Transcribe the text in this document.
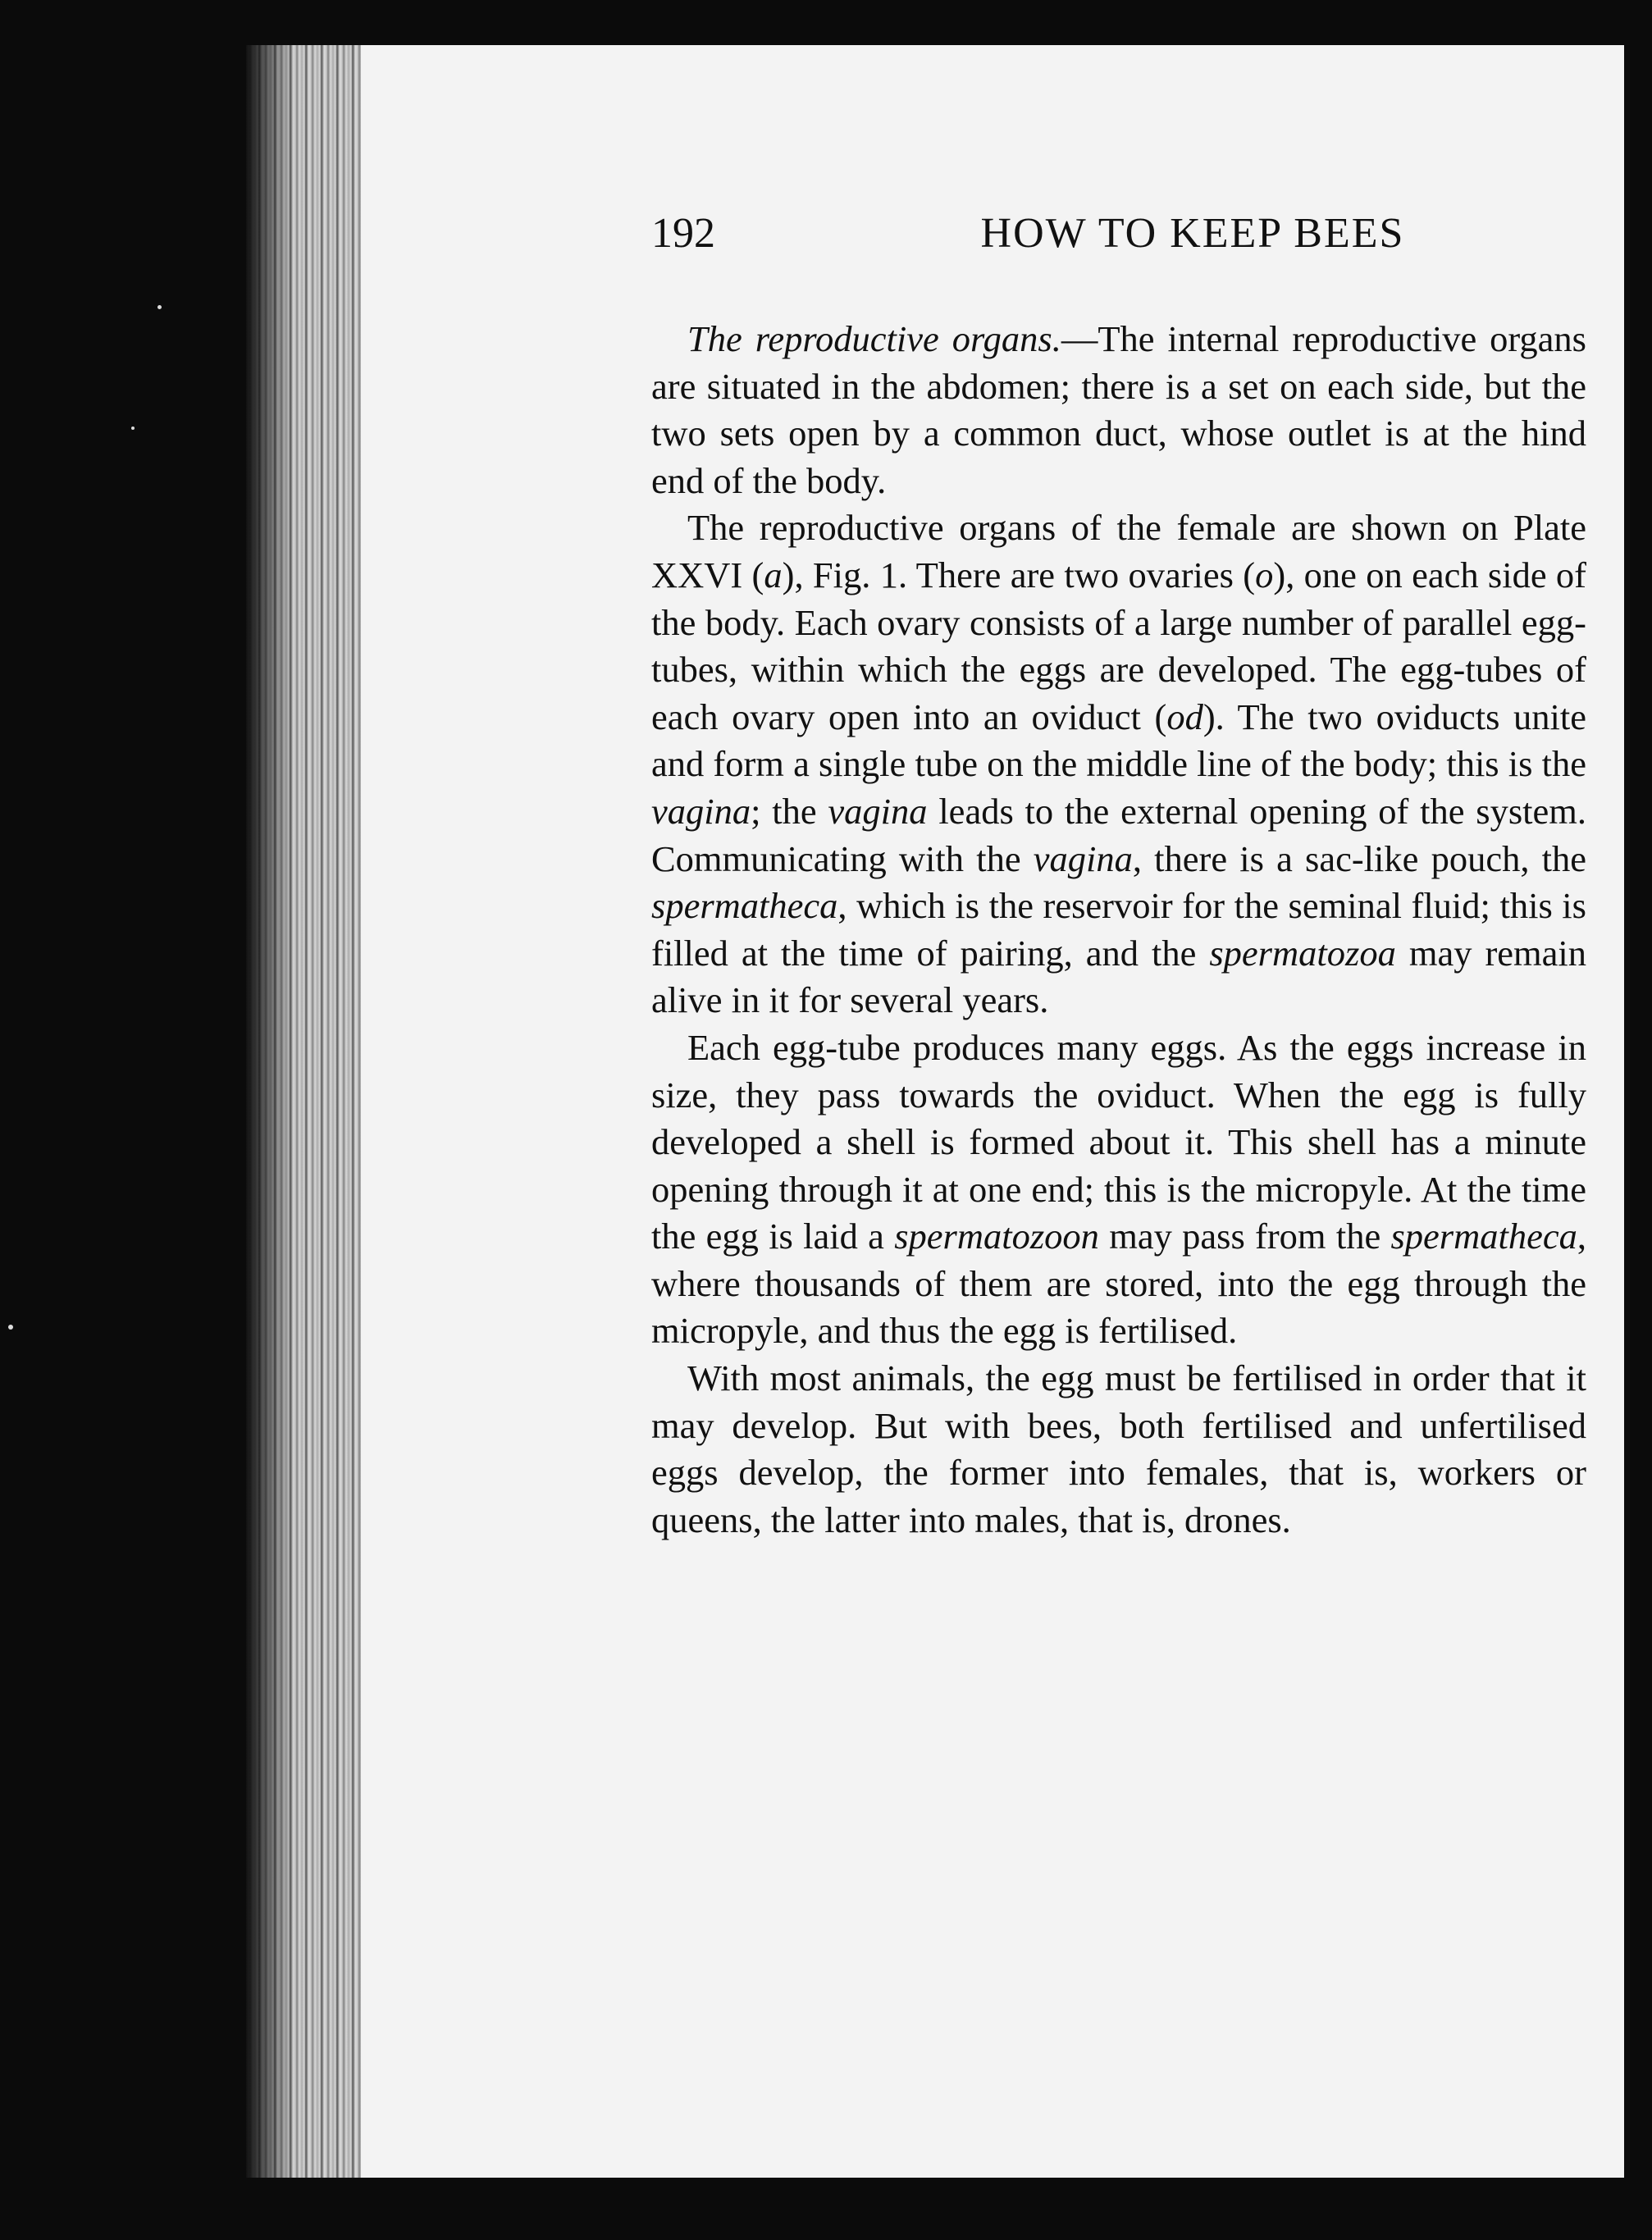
192	HOW TO KEEP BEES

The reproductive organs.—The internal reproductive organs are situated in the abdomen; there is a set on each side, but the two sets open by a common duct, whose outlet is at the hind end of the body.

The reproductive organs of the female are shown on Plate XXVI (a), Fig. 1. There are two ovaries (o), one on each side of the body. Each ovary consists of a large number of parallel egg-tubes, within which the eggs are developed. The egg-tubes of each ovary open into an oviduct (od). The two oviducts unite and form a single tube on the middle line of the body; this is the vagina; the vagina leads to the external opening of the system. Communicating with the vagina, there is a sac-like pouch, the spermatheca, which is the reservoir for the seminal fluid; this is filled at the time of pairing, and the spermatozoa may remain alive in it for several years.

Each egg-tube produces many eggs. As the eggs increase in size, they pass towards the oviduct. When the egg is fully developed a shell is formed about it. This shell has a minute opening through it at one end; this is the micropyle. At the time the egg is laid a spermatozoon may pass from the spermatheca, where thousands of them are stored, into the egg through the micropyle, and thus the egg is fertilised.

With most animals, the egg must be fertilised in order that it may develop. But with bees, both fertilised and unfertilised eggs develop, the former into females, that is, workers or queens, the latter into males, that is, drones.
